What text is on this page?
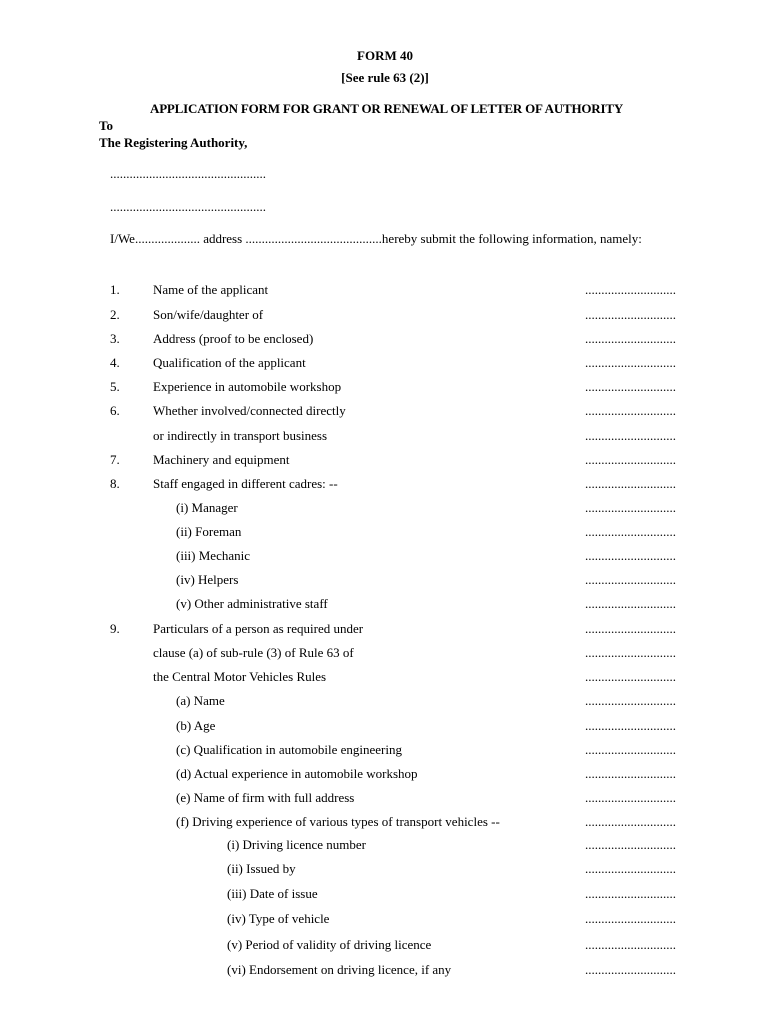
FORM 40
[See rule 63 (2)]
APPLICATION FORM FOR GRANT OR RENEWAL OF LETTER OF AUTHORITY
To
The Registering Authority,
................................................
................................................
I/We.................... address ..........................................hereby submit the following information, namely:
1.	Name of the applicant	............................
2.	Son/wife/daughter of	............................
3.	Address (proof to be enclosed)	............................
4.	Qualification of the applicant	............................
5.	Experience in automobile workshop	............................
6.	Whether involved/connected directly	............................
or indirectly in transport business	............................
7.	Machinery and equipment	............................
8.	Staff engaged in different cadres: --	............................
(i) Manager	............................
(ii) Foreman	............................
(iii) Mechanic	............................
(iv) Helpers	............................
(v) Other administrative staff	............................
9.	Particulars of a person as required under	............................
clause (a) of sub-rule (3) of Rule 63 of	............................
the Central Motor Vehicles Rules	............................
(a) Name	............................
(b) Age	............................
(c) Qualification in automobile engineering	............................
(d) Actual experience in automobile workshop	............................
(e) Name of firm with full address	............................
(f) Driving experience of various types of transport vehicles --	............................
(i) Driving licence number	............................
(ii) Issued by	............................
(iii) Date of issue	............................
(iv) Type of vehicle	............................
(v) Period of validity of driving licence	............................
(vi) Endorsement on driving licence, if any	............................
